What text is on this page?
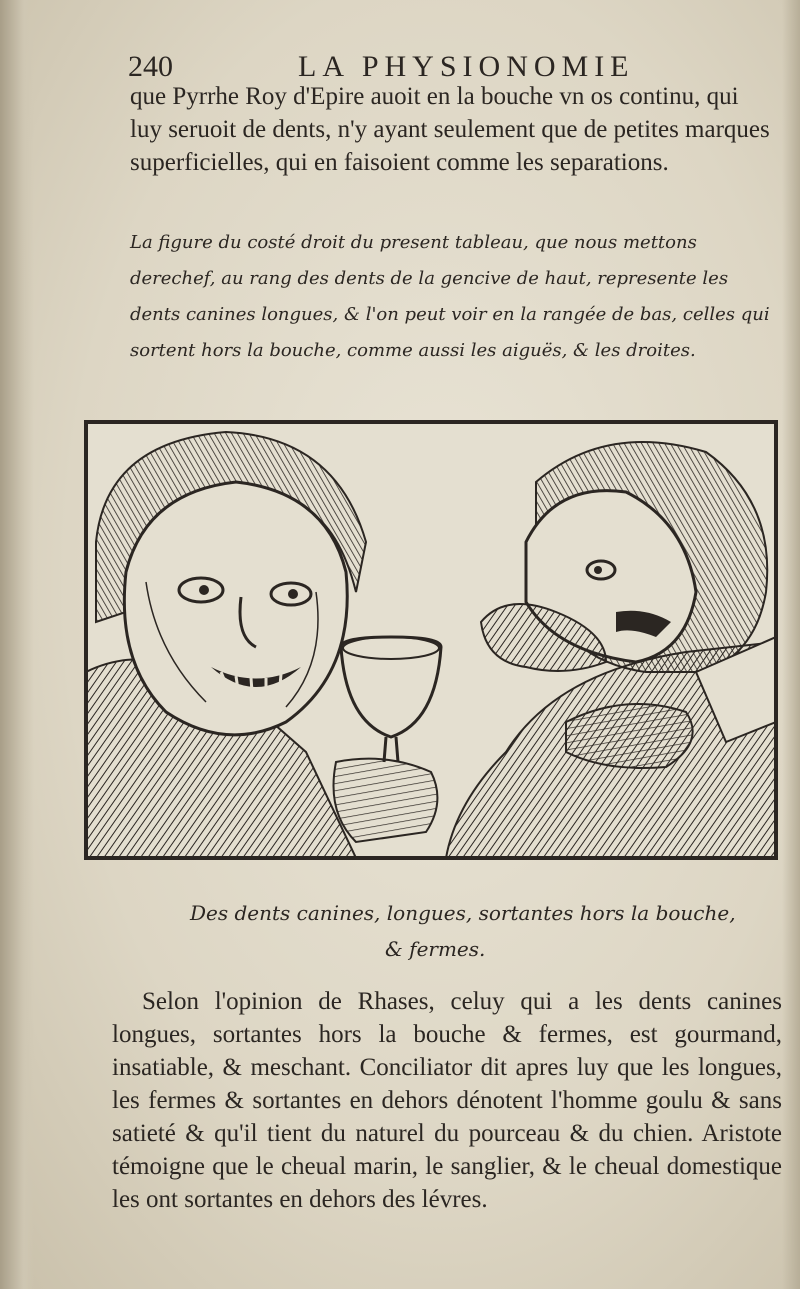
240	LA PHYSIONOMIE

que Pyrrhe Roy d'Epire auoit en la bouche vn os continu, qui luy seruoit de dents, n'y ayant seulement que de petites marques superficielles, qui en faisoient comme les separations.

La figure du costé droit du present tableau, que nous mettons derechef, au rang des dents de la gencive de haut, represente les dents canines longues, & l'on peut voir en la rangée de bas, celles qui sortent hors la bouche, comme aussi les aiguës, & les droites.

Des dents canines, longues, sortantes hors la bouche,
& fermes.

Selon l'opinion de Rhases, celuy qui a les dents canines longues, sortantes hors la bouche & fermes, est gourmand, insatiable, & meschant. Conciliator dit apres luy que les longues, les fermes & sortantes en dehors dénotent l'homme goulu & sans satieté & qu'il tient du naturel du pourceau & du chien. Aristote témoigne que le cheual marin, le sanglier, & le cheual domestique les ont sortantes en dehors des lévres.
